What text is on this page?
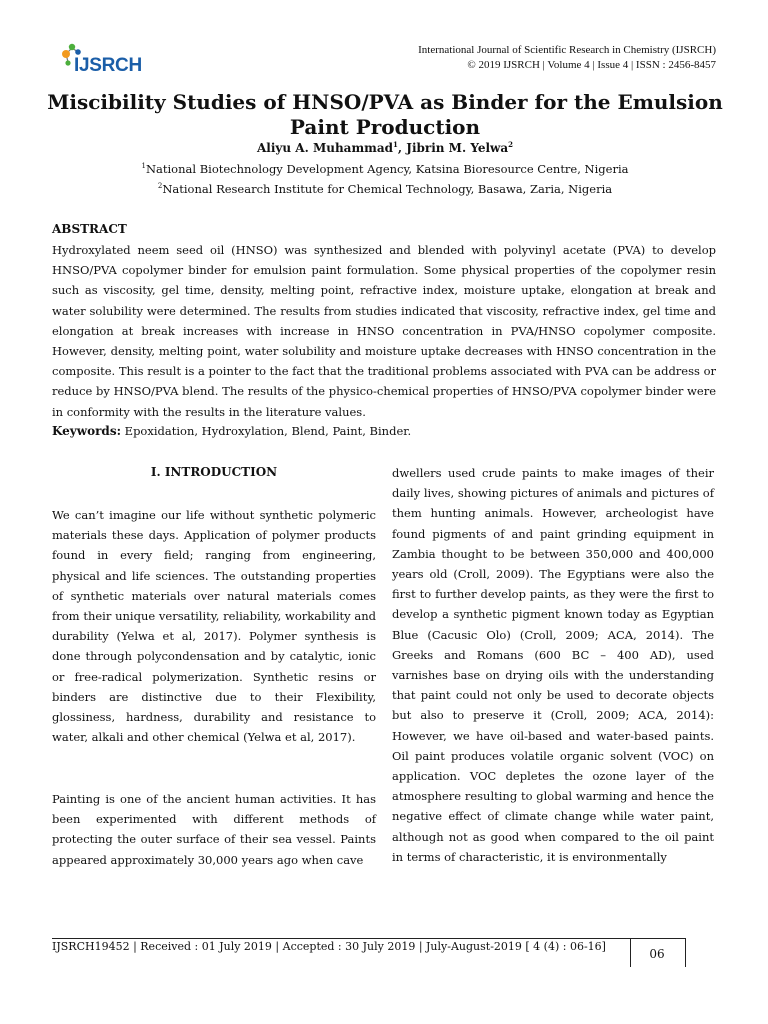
IJSRCH
International Journal of Scientific Research in Chemistry (IJSRCH)
© 2019 IJSRCH | Volume 4 | Issue 4 | ISSN : 2456-8457
Miscibility Studies of HNSO/PVA as Binder for the Emulsion Paint Production
Aliyu A. Muhammad$^1$, Jibrin M. Yelwa$^2$
$^1$National Biotechnology Development Agency, Katsina Bioresource Centre, Nigeria
$^2$National Research Institute for Chemical Technology, Basawa, Zaria, Nigeria
ABSTRACT
Hydroxylated neem seed oil (HNSO) was synthesized and blended with polyvinyl acetate (PVA) to develop HNSO/PVA copolymer binder for emulsion paint formulation. Some physical properties of the copolymer resin such as viscosity, gel time, density, melting point, refractive index, moisture uptake, elongation at break and water solubility were determined. The results from studies indicated that viscosity, refractive index, gel time and elongation at break increases with increase in HNSO concentration in PVA/HNSO copolymer composite. However, density, melting point, water solubility and moisture uptake decreases with HNSO concentration in the composite. This result is a pointer to the fact that the traditional problems associated with PVA can be address or reduce by HNSO/PVA blend. The results of the physico-chemical properties of HNSO/PVA copolymer binder were in conformity with the results in the literature values.
Keywords: Epoxidation, Hydroxylation, Blend, Paint, Binder.
I. INTRODUCTION
We can’t imagine our life without synthetic polymeric materials these days. Application of polymer products found in every field; ranging from engineering, physical and life sciences. The outstanding properties of synthetic materials over natural materials comes from their unique versatility, reliability, workability and durability (Yelwa et al, 2017). Polymer synthesis is done through polycondensation and by catalytic, ionic or free-radical polymerization. Synthetic resins or binders are distinctive due to their Flexibility, glossiness, hardness, durability and resistance to water, alkali and other chemical (Yelwa et al, 2017).
Painting is one of the ancient human activities. It has been experimented with different methods of protecting the outer surface of their sea vessel. Paints appeared approximately 30,000 years ago when cave
dwellers used crude paints to make images of their daily lives, showing pictures of animals and pictures of them hunting animals. However, archeologist have found pigments of and paint grinding equipment in Zambia thought to be between 350,000 and 400,000 years old (Croll, 2009). The Egyptians were also the first to further develop paints, as they were the first to develop a synthetic pigment known today as Egyptian Blue (Cacusic Olo) (Croll, 2009; ACA, 2014). The Greeks and Romans (600 BC – 400 AD), used varnishes base on drying oils with the understanding that paint could not only be used to decorate objects but also to preserve it (Croll, 2009; ACA, 2014): However, we have oil-based and water-based paints. Oil paint produces volatile organic solvent (VOC) on application. VOC depletes the ozone layer of the atmosphere resulting to global warming and hence the negative effect of climate change while water paint, although not as good when compared to the oil paint in terms of characteristic, it is environmentally
IJSRCH19452 | Received : 01 July 2019 | Accepted : 30 July 2019 | July-August-2019 [ 4 (4) : 06-16]
06
